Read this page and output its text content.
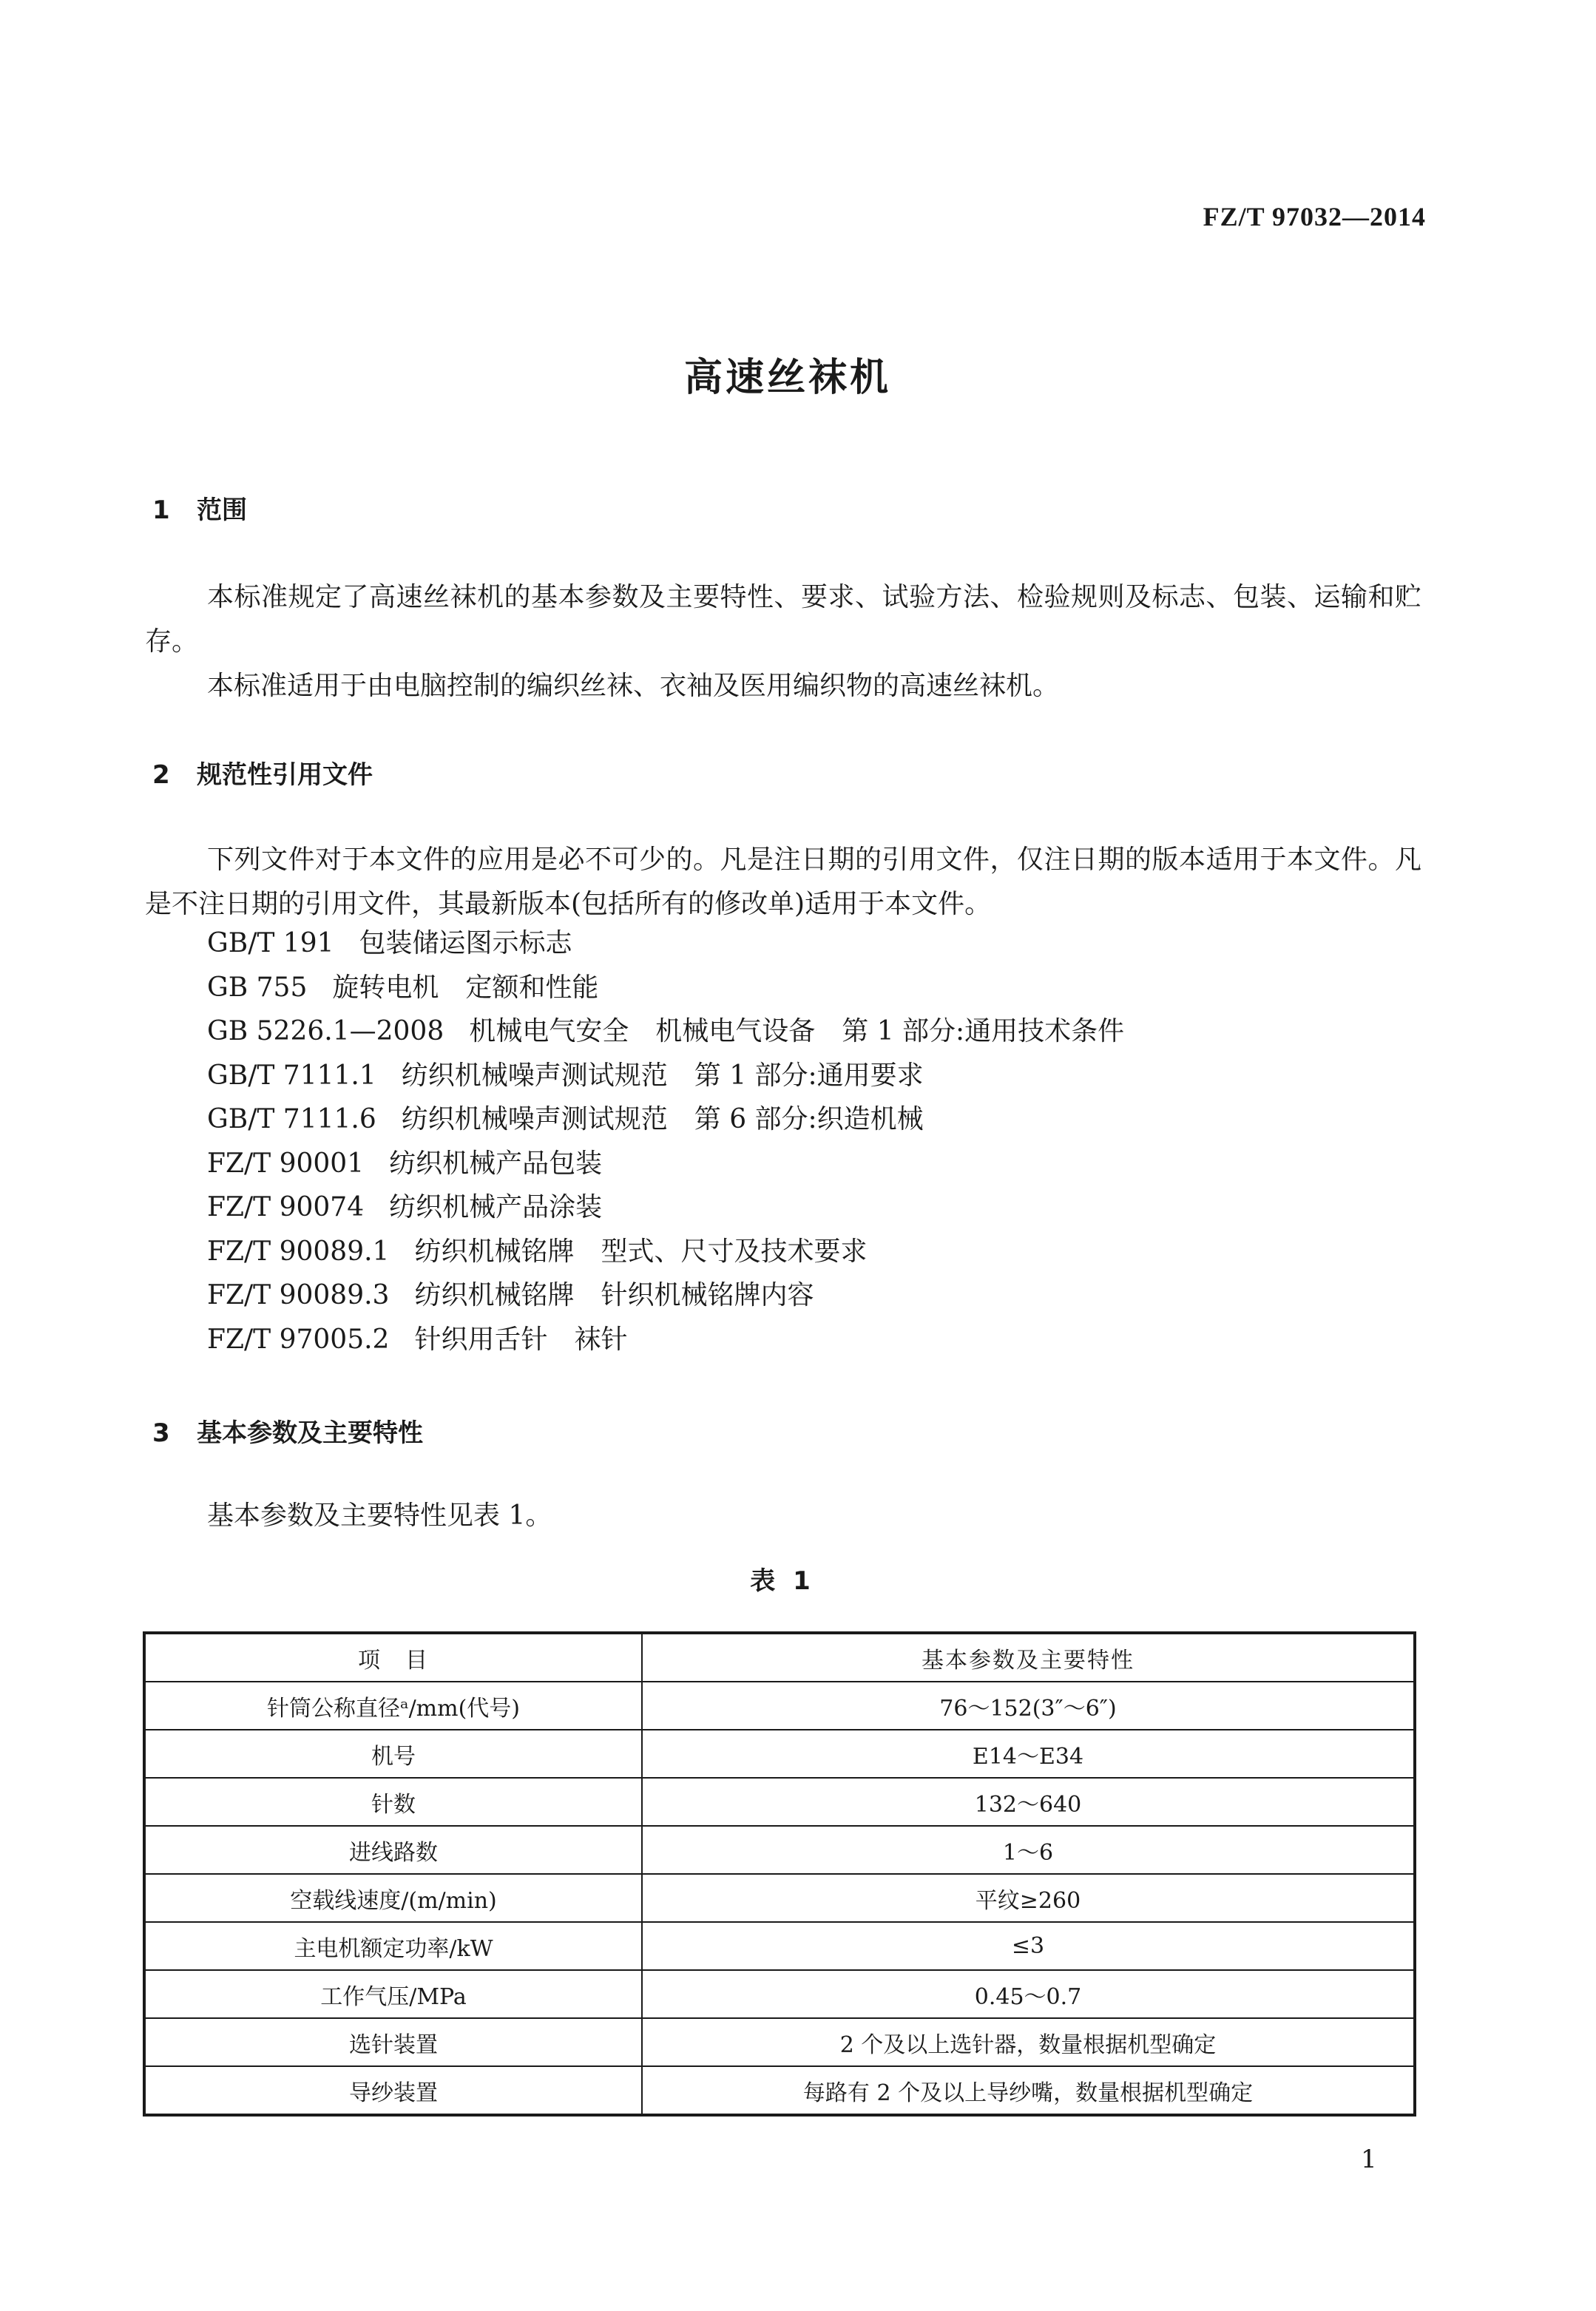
FZ/T 97032—2014
高速丝袜机
1 范围
本标准规定了高速丝袜机的基本参数及主要特性、要求、试验方法、检验规则及标志、包装、运输和贮存。
本标准适用于由电脑控制的编织丝袜、衣袖及医用编织物的高速丝袜机。
2 规范性引用文件
下列文件对于本文件的应用是必不可少的。凡是注日期的引用文件，仅注日期的版本适用于本文件。凡是不注日期的引用文件，其最新版本(包括所有的修改单)适用于本文件。
GB/T 191 包装储运图示标志
GB 755 旋转电机　定额和性能
GB 5226.1—2008 机械电气安全　机械电气设备　第 1 部分:通用技术条件
GB/T 7111.1 纺织机械噪声测试规范　第 1 部分:通用要求
GB/T 7111.6 纺织机械噪声测试规范　第 6 部分:织造机械
FZ/T 90001 纺织机械产品包装
FZ/T 90074 纺织机械产品涂装
FZ/T 90089.1 纺织机械铭牌　型式、尺寸及技术要求
FZ/T 90089.3 纺织机械铭牌　针织机械铭牌内容
FZ/T 97005.2 针织用舌针　袜针
3 基本参数及主要特性
基本参数及主要特性见表 1。
表 1
项　目	基本参数及主要特性
针筒公称直径ᵃ/mm(代号)	76～152(3″～6″)
机号	E14～E34
针数	132～640
进线路数	1～6
空载线速度/(m/min)	平纹≥260
主电机额定功率/kW	≤3
工作气压/MPa	0.45～0.7
选针装置	2 个及以上选针器，数量根据机型确定
导纱装置	每路有 2 个及以上导纱嘴，数量根据机型确定
1
